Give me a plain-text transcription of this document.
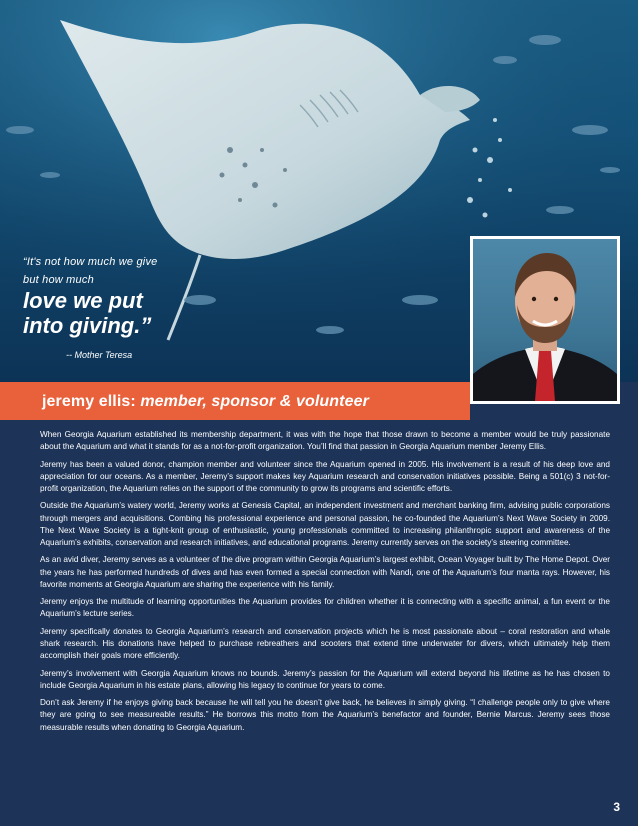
“It's not how much we give
but how much
love we put
into giving.”
-- Mother Teresa
jeremy ellis: member, sponsor & volunteer

When Georgia Aquarium established its membership department, it was with the hope that those drawn to become a member would be truly passionate about the Aquarium and what it stands for as a not-for-profit organization. You’ll find that passion in Georgia Aquarium member Jeremy Ellis.

Jeremy has been a valued donor, champion member and volunteer since the Aquarium opened in 2005. His involvement is a result of his deep love and appreciation for our oceans. As a member, Jeremy’s support makes key Aquarium research and conservation initiatives possible. Being a 501(c) 3 not-for-profit organization, the Aquarium relies on the support of the community to grow its programs and scientific efforts.

Outside the Aquarium’s watery world, Jeremy works at Genesis Capital, an independent investment and merchant banking firm, advising public corporations through mergers and acquisitions. Combing his professional experience and personal passion, he co-founded the Aquarium’s Next Wave Society in 2009. The Next Wave Society is a tight-knit group of enthusiastic, young professionals committed to increasing philanthropic support and awareness of the Aquarium’s exhibits, conservation and research initiatives, and educational programs. Jeremy currently serves on the society’s steering committee.

As an avid diver, Jeremy serves as a volunteer of the dive program within Georgia Aquarium’s largest exhibit, Ocean Voyager built by The Home Depot. Over the years he has performed hundreds of dives and has even formed a special connection with Nandi, one of the Aquarium’s four manta rays. However, his favorite moments at Georgia Aquarium are sharing the experience with his family.

Jeremy enjoys the multitude of learning opportunities the Aquarium provides for children whether it is connecting with a specific animal, a fun event or the Aquarium’s lecture series.

Jeremy specifically donates to Georgia Aquarium’s research and conservation projects which he is most passionate about – coral restoration and whale shark research. His donations have helped to purchase rebreathers and scooters that extend time underwater for divers, which ultimately help them accomplish their goals more efficiently.

Jeremy’s involvement with Georgia Aquarium knows no bounds. Jeremy’s passion for the Aquarium will extend beyond his lifetime as he has chosen to include Georgia Aquarium in his estate plans, allowing his legacy to continue for years to come.

Don’t ask Jeremy if he enjoys giving back because he will tell you he doesn’t give back, he believes in simply giving. “I challenge people only to give where they are going to see measureable results.” He borrows this motto from the Aquarium’s benefactor and founder, Bernie Marcus. Jeremy sees those measurable results when donating to Georgia Aquarium.

3
